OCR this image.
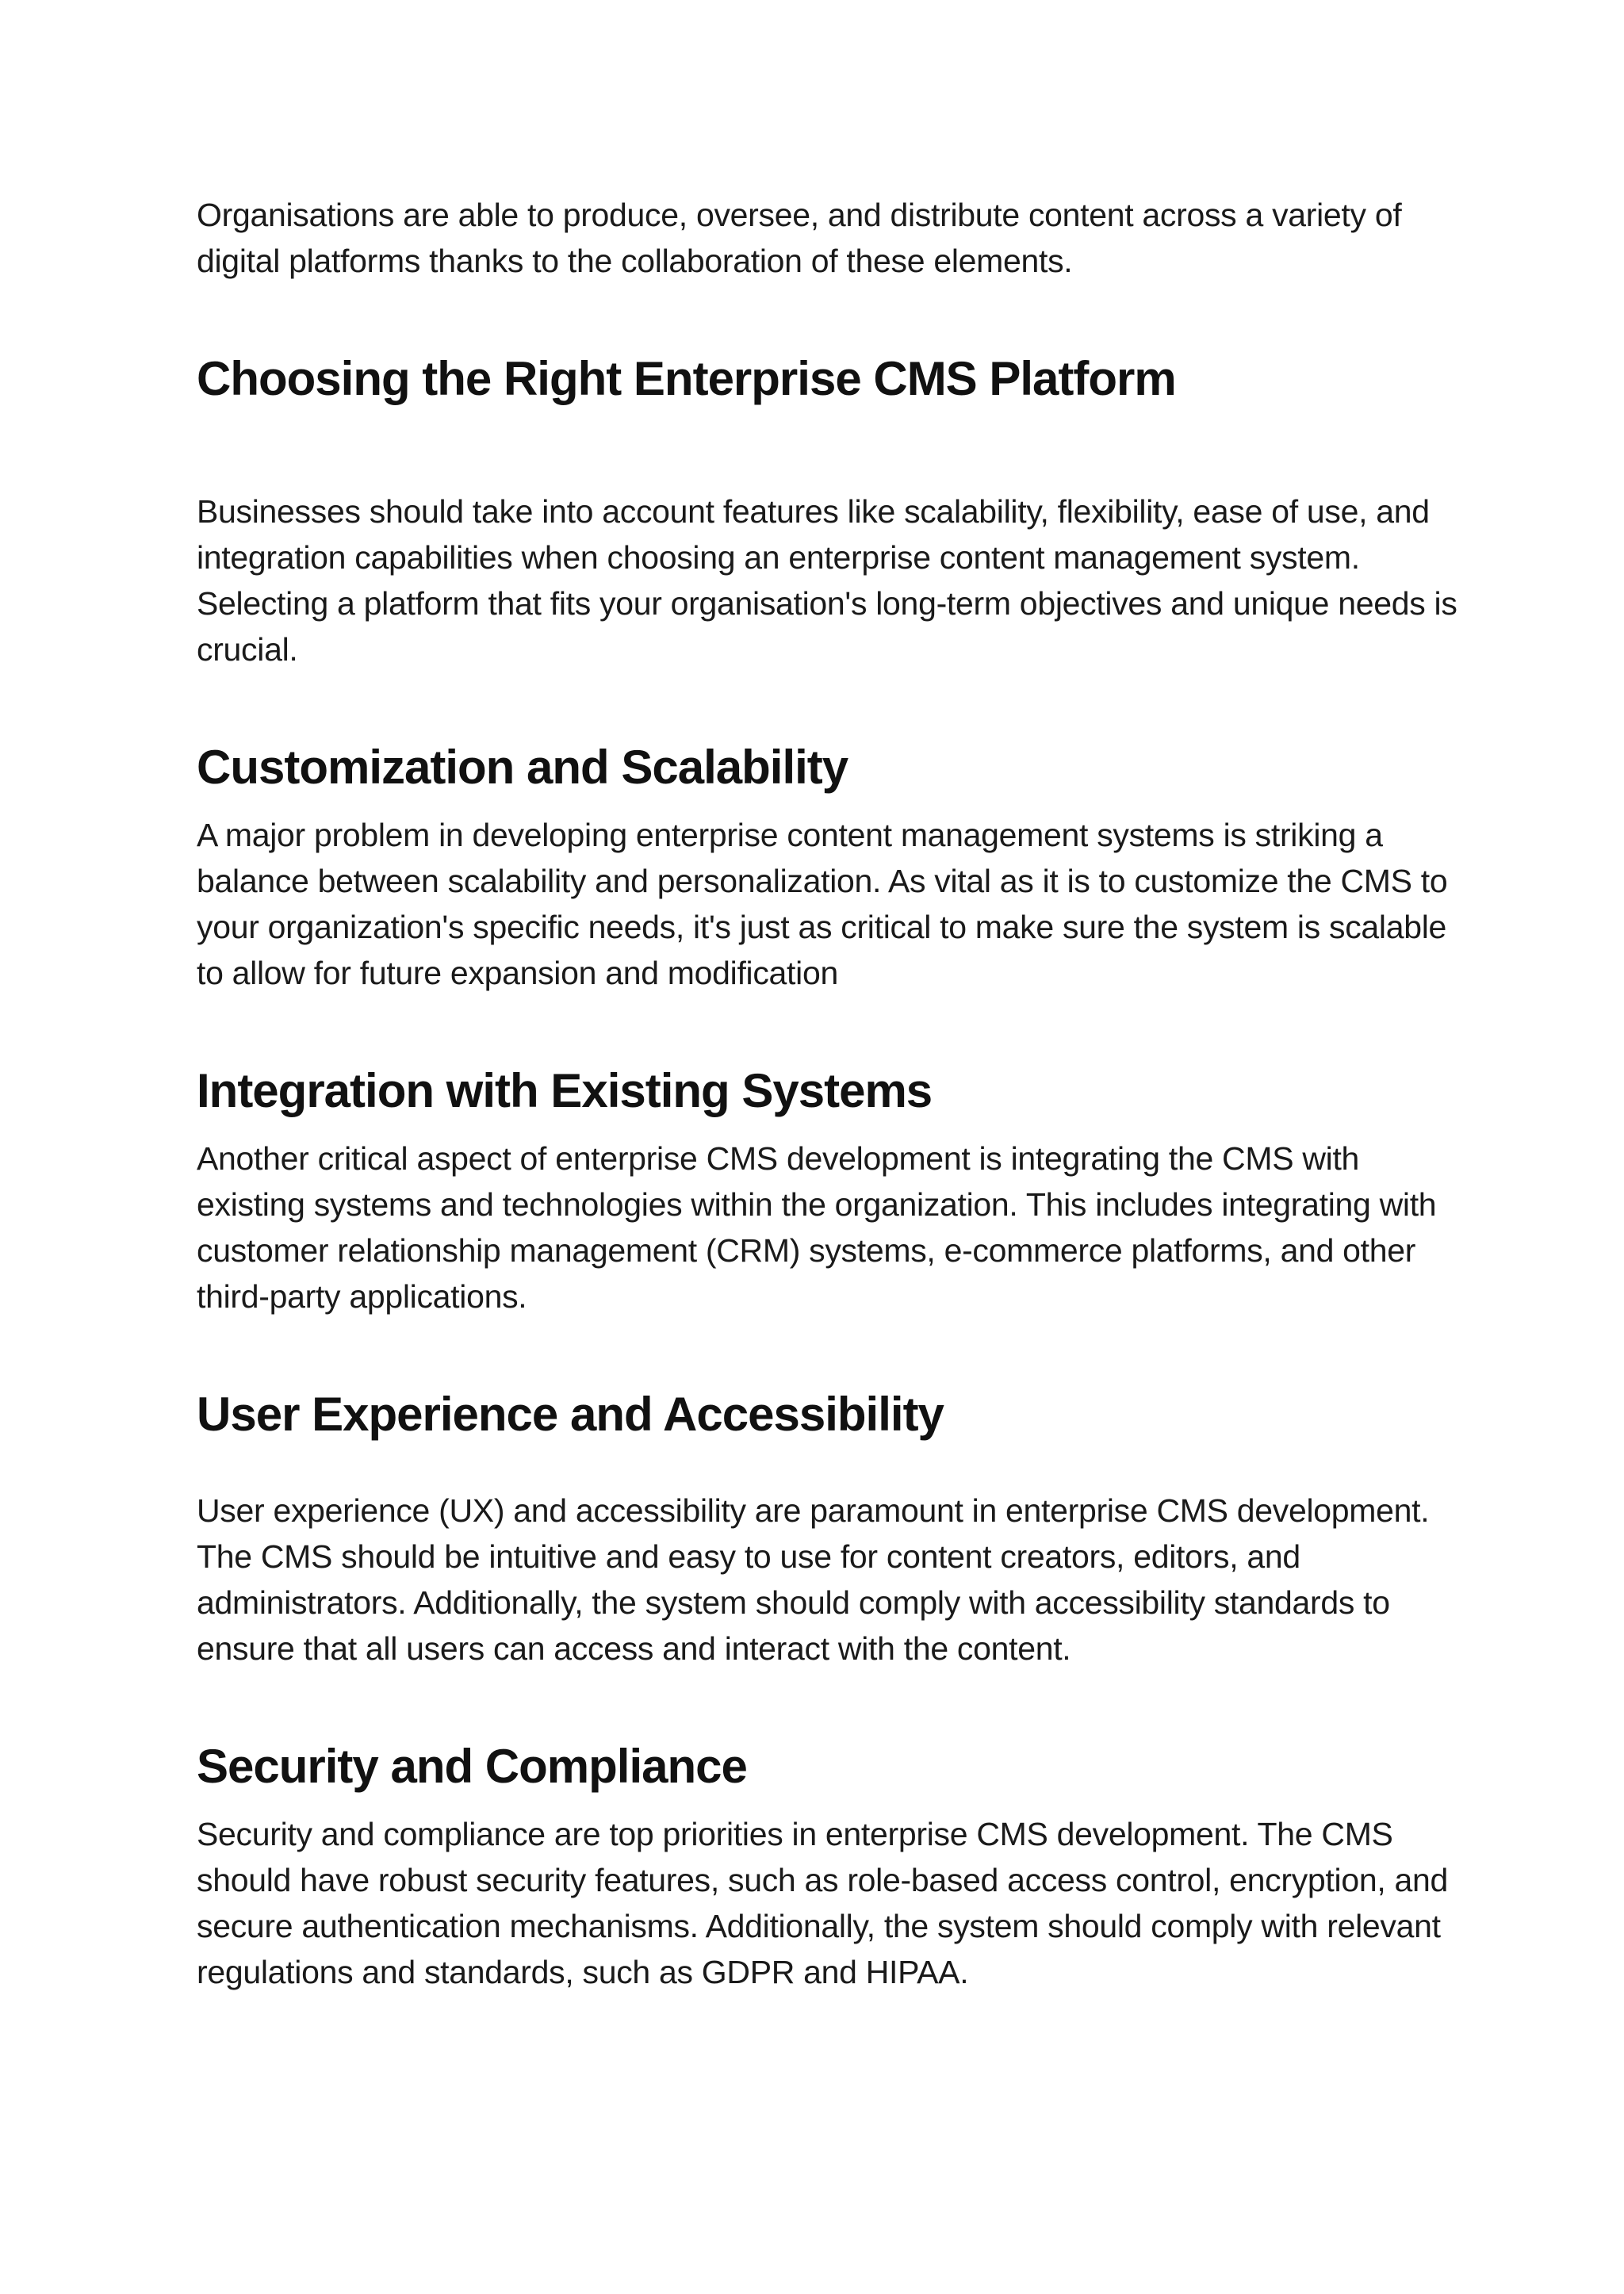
Organisations are able to produce, oversee, and distribute content across a variety of digital platforms thanks to the collaboration of these elements.

Choosing the Right Enterprise CMS Platform

Businesses should take into account features like scalability, flexibility, ease of use, and integration capabilities when choosing an enterprise content management system. Selecting a platform that fits your organisation's long-term objectives and unique needs is crucial.

Customization and Scalability

A major problem in developing enterprise content management systems is striking a balance between scalability and personalization. As vital as it is to customize the CMS to your organization's specific needs, it's just as critical to make sure the system is scalable to allow for future expansion and modification

Integration with Existing Systems

Another critical aspect of enterprise CMS development is integrating the CMS with existing systems and technologies within the organization. This includes integrating with customer relationship management (CRM) systems, e-commerce platforms, and other third-party applications.

User Experience and Accessibility

User experience (UX) and accessibility are paramount in enterprise CMS development. The CMS should be intuitive and easy to use for content creators, editors, and administrators. Additionally, the system should comply with accessibility standards to ensure that all users can access and interact with the content.

Security and Compliance

Security and compliance are top priorities in enterprise CMS development. The CMS should have robust security features, such as role-based access control, encryption, and secure authentication mechanisms. Additionally, the system should comply with relevant regulations and standards, such as GDPR and HIPAA.
